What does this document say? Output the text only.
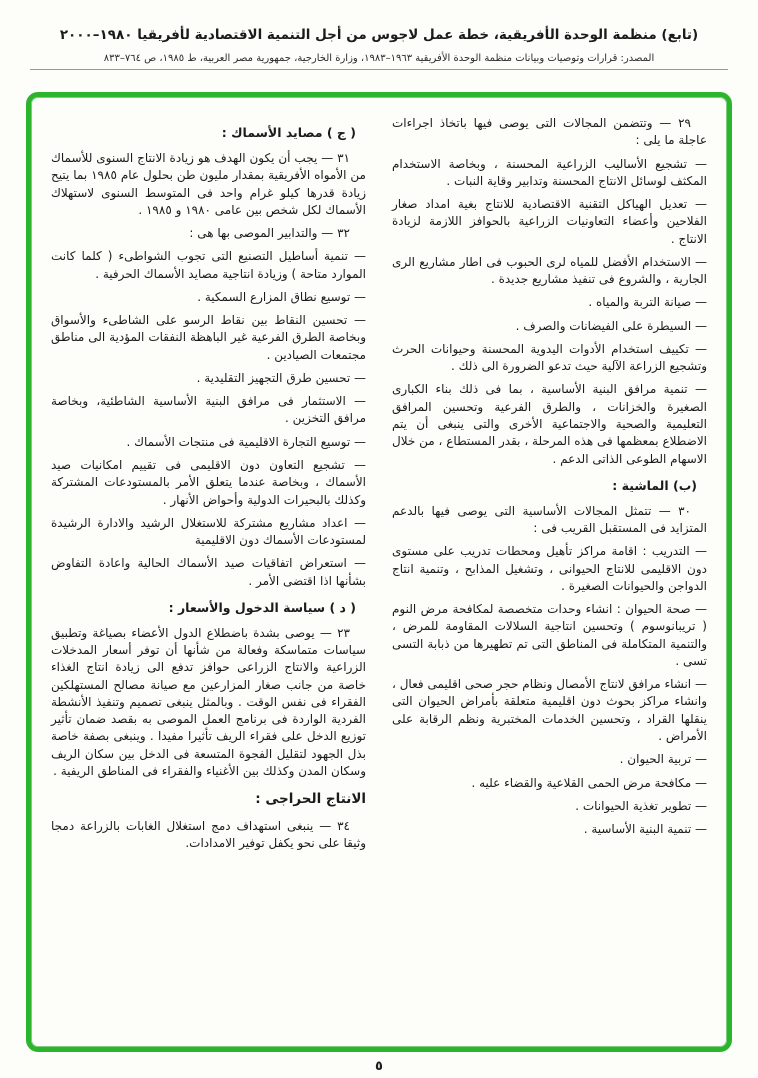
(تابع) منظمة الوحدة الأفريقية، خطة عمل لاجوس من أجل التنمية الاقتصادية لأفريقيا ١٩٨٠–٢٠٠٠
المصدر: قرارات وتوصيات وبيانات منظمة الوحدة الأفريقية ١٩٦٣–١٩٨٣، وزارة الخارجية، جمهورية مصر العربية، ط ١٩٨٥، ص ٧٦٤–٨٣٣

٢٩ — وتتضمن المجالات التى يوصى فيها باتخاذ اجراءات عاجلة ما يلى :

— تشجيع الأساليب الزراعية المحسنة ، وبخاصة الاستخدام المكثف لوسائل الانتاج المحسنة وتدابير وقاية النبات .

— تعديل الهياكل التقنية الاقتصادية للانتاج بغية امداد صغار الفلاحين وأعضاء التعاونيات الزراعية بالحوافز اللازمة لزيادة الانتاج .

— الاستخدام الأفضل للمياه لرى الحبوب فى اطار مشاريع الرى الجارية ، والشروع فى تنفيذ مشاريع جديدة .

— صيانة التربة والمياه .

— السيطرة على الفيضانات والصرف .

— تكييف استخدام الأدوات اليدوية المحسنة وحيوانات الحرث وتشجيع الزراعة الآلية حيث تدعو الضرورة الى ذلك .

— تنمية مرافق البنية الأساسية ، بما فى ذلك بناء الكبارى الصغيرة والخزانات ، والطرق الفرعية وتحسين المرافق التعليمية والصحية والاجتماعية الأخرى والتى ينبغى أن يتم الاضطلاع بمعظمها فى هذه المرحلة ، بقدر المستطاع ، من خلال الاسهام الطوعى الذاتى الدعم .

(ب) الماشية :

٣٠ — تتمثل المجالات الأساسية التى يوصى فيها بالدعم المتزايد فى المستقبل القريب فى :

— التدريب : اقامة مراكز تأهيل ومحطات تدريب على مستوى دون الاقليمى للانتاج الحيوانى ، وتشغيل المذابح ، وتنمية انتاج الدواجن والحيوانات الصغيرة .

— صحة الحيوان : انشاء وحدات متخصصة لمكافحة مرض النوم ( تريبانوسوم ) وتحسين انتاجية السلالات المقاومة للمرض ، والتنمية المتكاملة فى المناطق التى تم تطهيرها من ذبابة التسى تسى .

— انشاء مرافق لانتاج الأمصال ونظام حجر صحى اقليمى فعال ، وانشاء مراكز بحوث دون اقليمية متعلقة بأمراض الحيوان التى ينقلها القراد ، وتحسين الخدمات المختبرية ونظم الرقابة على الأمراض .

— تربية الحيوان .

— مكافحة مرض الحمى القلاعية والقضاء عليه .

— تطوير تغذية الحيوانات .

— تنمية البنية الأساسية .

( ج ) مصايد الأسماك :

٣١ — يجب أن يكون الهدف هو زيادة الانتاج السنوى للأسماك من الأمواه الأفريقية بمقدار مليون طن بحلول عام ١٩٨٥ بما يتيح زيادة قدرها كيلو غرام واحد فى المتوسط السنوى لاستهلاك الأسماك لكل شخص بين عامى ١٩٨٠ و ١٩٨٥ .

٣٢ — والتدابير الموصى بها هى :

— تنمية أساطيل التصنيع التى تجوب الشواطىء ( كلما كانت الموارد متاحة ) وزيادة انتاجية مصايد الأسماك الحرفية .

— توسيع نطاق المزارع السمكية .

— تحسين النقاط بين نقاط الرسو على الشاطىء والأسواق وبخاصة الطرق الفرعية غير الباهظة النفقات المؤدية الى مناطق مجتمعات الصيادين .

— تحسين طرق التجهيز التقليدية .

— الاستثمار فى مرافق البنية الأساسية الشاطئية، وبخاصة مرافق التخزين .

— توسيع التجارة الاقليمية فى منتجات الأسماك .

— تشجيع التعاون دون الاقليمى فى تقييم امكانيات صيد الأسماك ، وبخاصة عندما يتعلق الأمر بالمستودعات المشتركة وكذلك بالبحيرات الدولية وأحواض الأنهار .

— اعداد مشاريع مشتركة للاستغلال الرشيد والادارة الرشيدة لمستودعات الأسماك دون الاقليمية

— استعراض اتفاقيات صيد الأسماك الحالية واعادة التفاوض بشأنها اذا اقتضى الأمر .

( د ) سياسة الدخول والأسعار :

٢٣ — يوصى بشدة باضطلاع الدول الأعضاء بصياغة وتطبيق سياسات متماسكة وفعالة من شأنها أن توفر أسعار المدخلات الزراعية والانتاج الزراعى حوافز تدفع الى زيادة انتاج الغذاء خاصة من جانب صغار المزارعين مع صيانة مصالح المستهلكين الفقراء فى نفس الوقت . وبالمثل ينبغى تصميم وتنفيذ الأنشطة الفردية الواردة فى برنامج العمل الموصى به بقصد ضمان تأثير توزيع الدخل على فقراء الريف تأثيرا مفيدا . وينبغى بصفة خاصة بذل الجهود لتقليل الفجوة المتسعة فى الدخل بين سكان الريف وسكان المدن وكذلك بين الأغنياء والفقراء فى المناطق الريفية .

الانتاج الحراجى :

٣٤ — ينبغى استهداف دمج استغلال الغابات بالزراعة دمجا وثيقا على نحو يكفل توفير الامدادات.

٥
